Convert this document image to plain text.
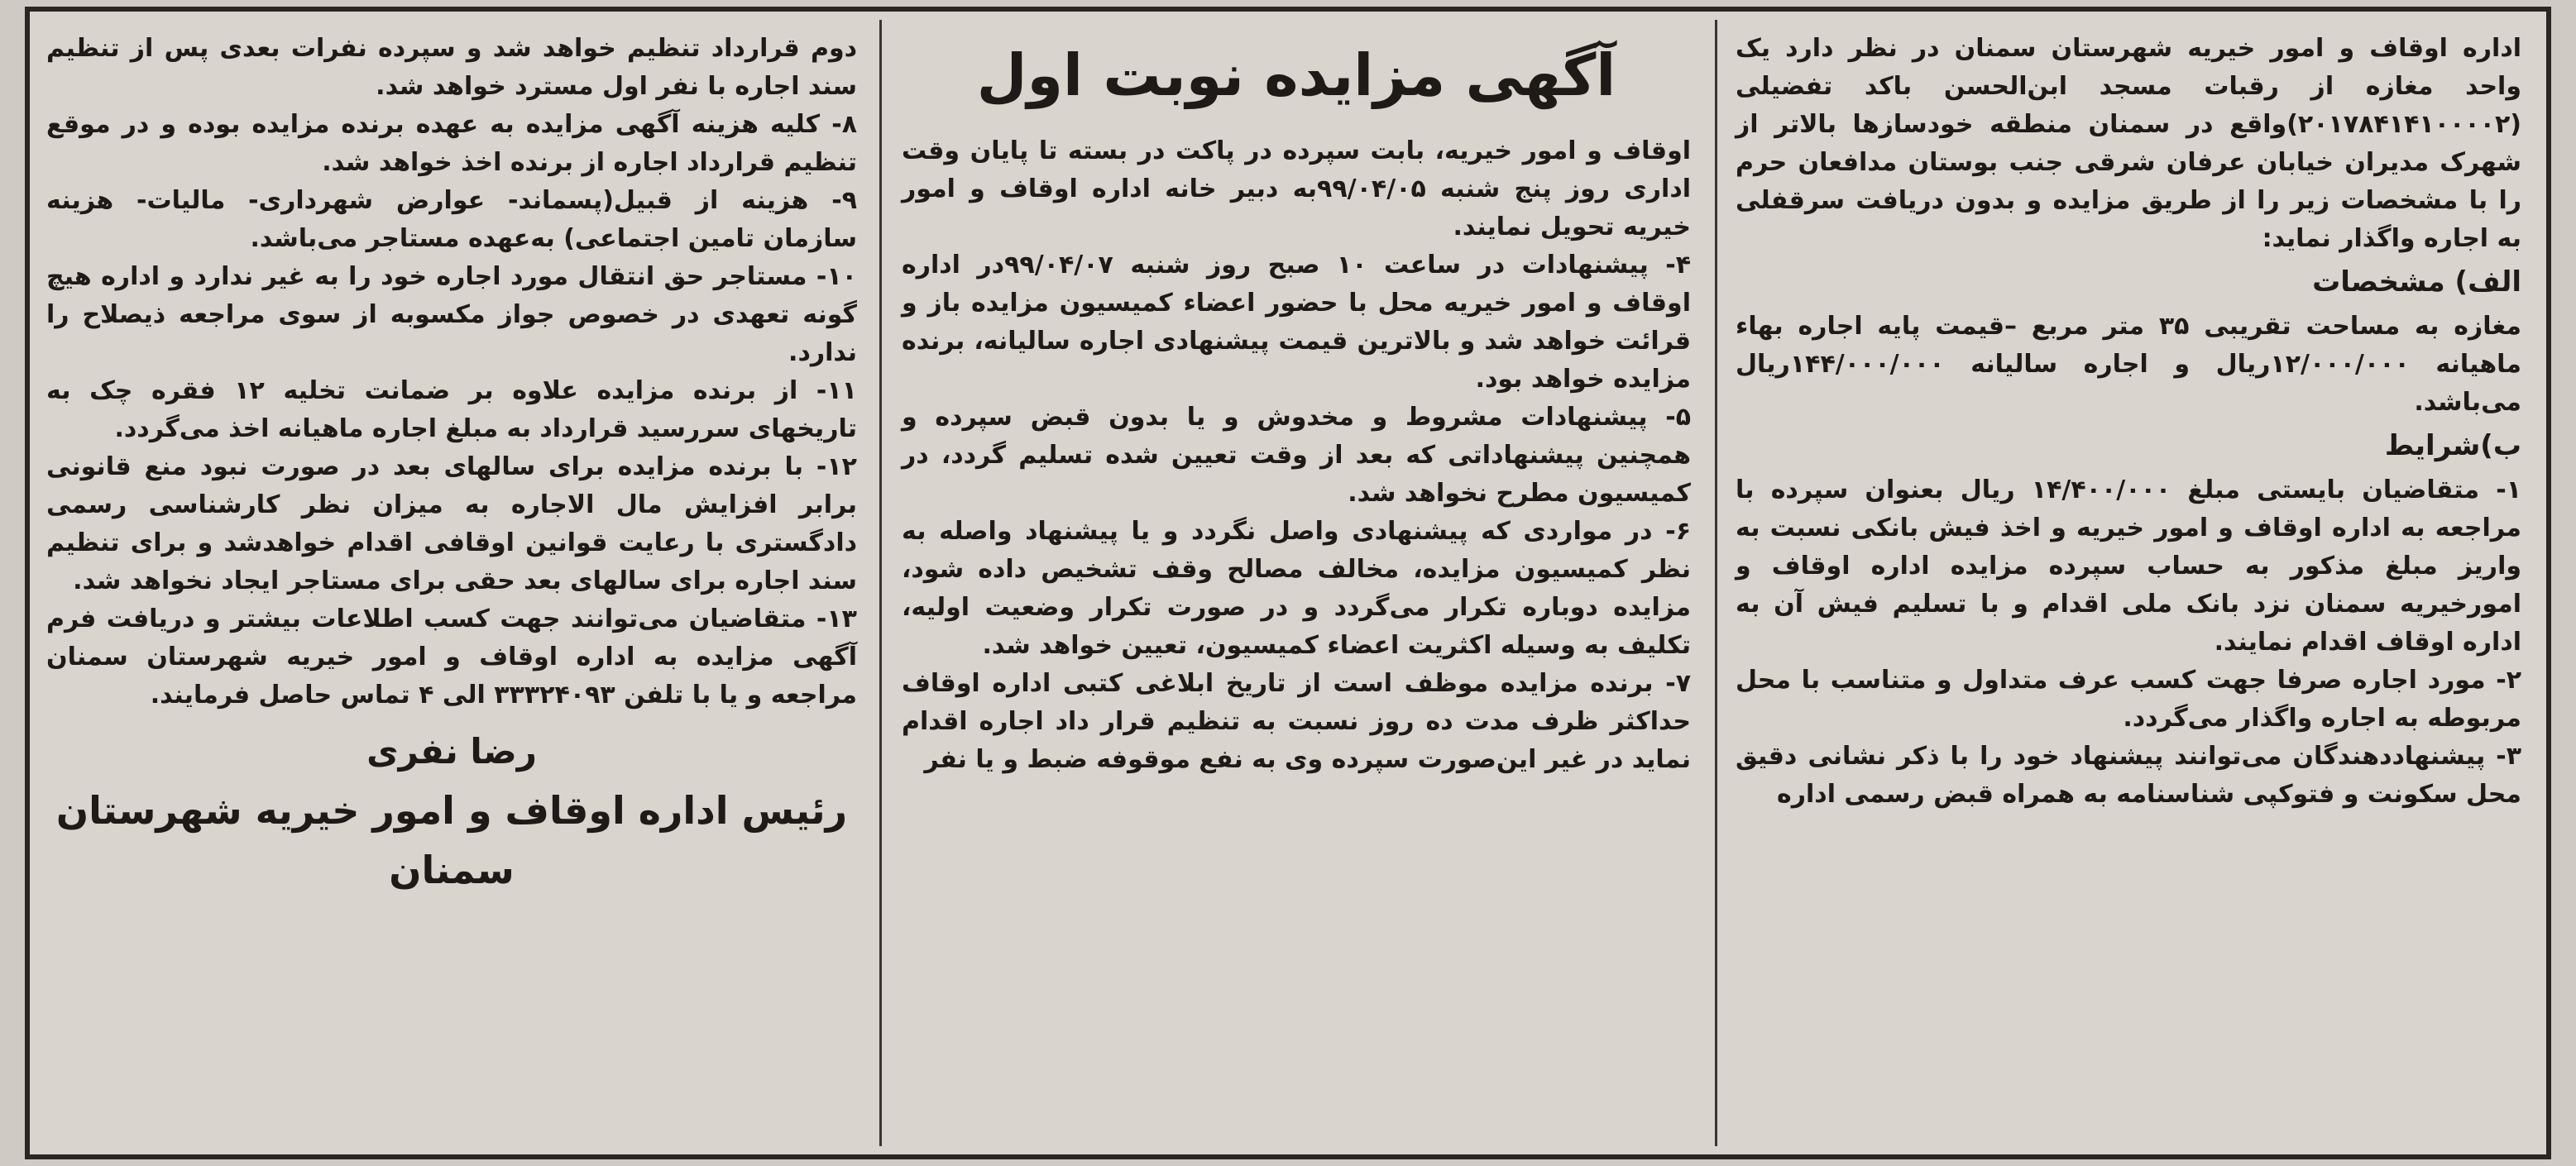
اداره اوقاف و امور خیریه شهرستان سمنان در نظر دارد یک واحد مغازه از رقبات مسجد ابن‌الحسن باکد تفضیلی (۲۰۱۷۸۴۱۴۱۰۰۰۰۲)واقع در سمنان منطقه خودسازها بالاتر از شهرک مدیران خیابان عرفان شرقی جنب بوستان مدافعان حرم را با مشخصات زیر را از طریق مزایده و بدون دریافت سرقفلی به اجاره واگذار نماید:

الف) مشخصات

مغازه به مساحت تقریبی ۳۵ متر مربع –قیمت پایه اجاره بهاء ماهیانه ۱۲/۰۰۰/۰۰۰ریال و اجاره سالیانه ۱۴۴/۰۰۰/۰۰۰ریال می‌باشد.

ب)شرایط

۱- متقاضیان بایستی مبلغ ۱۴/۴۰۰/۰۰۰ ریال بعنوان سپرده با مراجعه به اداره اوقاف و امور خیریه و اخذ فیش بانکی نسبت به واریز مبلغ مذکور به حساب سپرده مزایده اداره اوقاف و امورخیریه سمنان نزد بانک ملی اقدام و با تسلیم فیش آن به اداره اوقاف اقدام نمایند.

۲- مورد اجاره صرفا جهت کسب عرف متداول و متناسب با محل مربوطه به اجاره واگذار می‌گردد.

۳- پیشنهاددهندگان می‌توانند پیشنهاد خود را با ذکر نشانی دقیق محل سکونت و فتوکپی شناسنامه به همراه قبض رسمی اداره

آگهی مزایده نوبت اول

اوقاف و امور خیریه، بابت سپرده در پاکت در بسته تا پایان وقت اداری روز پنج شنبه ۹۹/۰۴/۰۵به دبیر خانه اداره اوقاف و امور خیریه تحویل نمایند.

۴- پیشنهادات در ساعت ۱۰ صبح روز شنبه ۹۹/۰۴/۰۷در اداره اوقاف و امور خیریه محل با حضور اعضاء کمیسیون مزایده باز و قرائت خواهد شد و بالاترین قیمت پیشنهادی اجاره سالیانه، برنده مزایده خواهد بود.

۵- پیشنهادات مشروط و مخدوش و یا بدون قبض سپرده و همچنین پیشنهاداتی که بعد از وقت تعیین شده تسلیم گردد، در کمیسیون مطرح نخواهد شد.

۶- در مواردی که پیشنهادی واصل نگردد و یا پیشنهاد واصله به نظر کمیسیون مزایده، مخالف مصالح وقف تشخیص داده شود، مزایده دوباره تکرار می‌گردد و در صورت تکرار وضعیت اولیه، تکلیف به وسیله اکثریت اعضاء کمیسیون، تعیین خواهد شد.

۷- برنده مزایده موظف است از تاریخ ابلاغی کتبی اداره اوقاف حداکثر ظرف مدت ده روز نسبت به تنظیم قرار داد اجاره اقدام نماید در غیر این‌صورت سپرده وی به نفع موقوفه ضبط و یا نفر

دوم قرارداد تنظیم خواهد شد و سپرده نفرات بعدی پس از تنظیم سند اجاره با نفر اول مسترد خواهد شد.

۸- کلیه هزینه آگهی مزایده به عهده برنده مزایده بوده و در موقع تنظیم قرارداد اجاره از برنده اخذ خواهد شد.

۹- هزینه از قبیل(پسماند- عوارض شهرداری- مالیات- هزینه سازمان تامین اجتماعی) به‌عهده مستاجر می‌باشد.

۱۰- مستاجر حق انتقال مورد اجاره خود را به غیر ندارد و اداره هیچ گونه تعهدی در خصوص جواز مکسوبه از سوی مراجعه ذیصلاح را ندارد.

۱۱- از برنده مزایده علاوه بر ضمانت تخلیه ۱۲ فقره چک به تاریخهای سررسید قرارداد به مبلغ اجاره ماهیانه اخذ می‌گردد.

۱۲- با برنده مزایده برای سالهای بعد در صورت نبود منع قانونی برابر افزایش مال الاجاره به میزان نظر کارشناسی رسمی دادگستری با رعایت قوانین اوقافی اقدام خواهدشد و برای تنظیم سند اجاره برای سالهای بعد حقی برای مستاجر ایجاد نخواهد شد.

۱۳- متقاضیان می‌توانند جهت کسب اطلاعات بیشتر و دریافت فرم آگهی مزایده به اداره اوقاف و امور خیریه شهرستان سمنان مراجعه و یا با تلفن ۳۳۳۲۴۰۹۳ الی ۴ تماس حاصل فرمایند.

رضا نفری
رئیس اداره اوقاف و امور خیریه شهرستان سمنان
